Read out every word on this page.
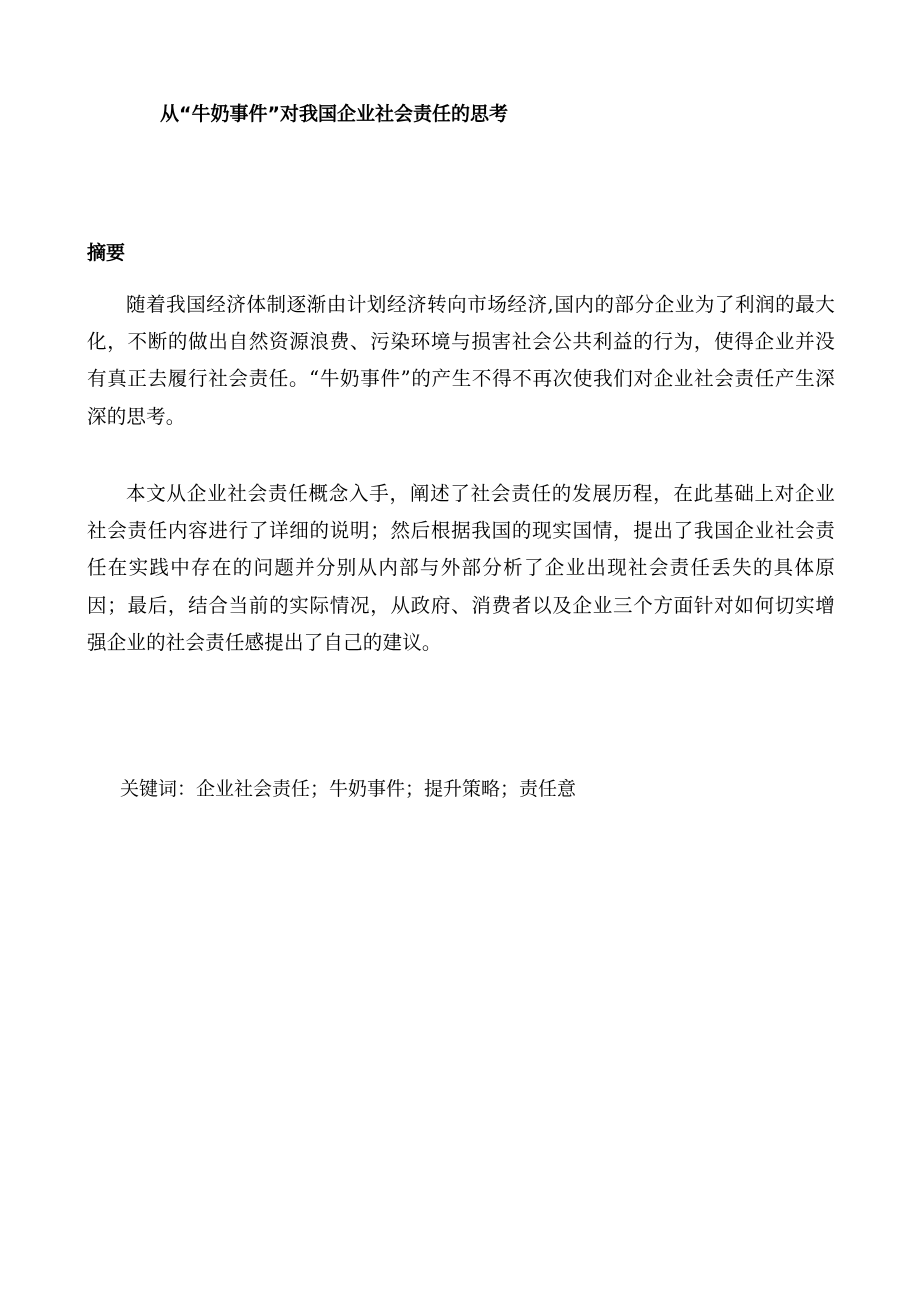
从“牛奶事件”对我国企业社会责任的思考
摘要

随着我国经济体制逐渐由计划经济转向市场经济,国内的部分企业为了利润的最大化，不断的做出自然资源浪费、污染环境与损害社会公共利益的行为，使得企业并没有真正去履行社会责任。“牛奶事件”的产生不得不再次使我们对企业社会责任产生深深的思考。

本文从企业社会责任概念入手，阐述了社会责任的发展历程，在此基础上对企业社会责任内容进行了详细的说明；然后根据我国的现实国情，提出了我国企业社会责任在实践中存在的问题并分别从内部与外部分析了企业出现社会责任丢失的具体原因；最后，结合当前的实际情况，从政府、消费者以及企业三个方面针对如何切实增强企业的社会责任感提出了自己的建议。

关键词：企业社会责任；牛奶事件；提升策略；责任意
